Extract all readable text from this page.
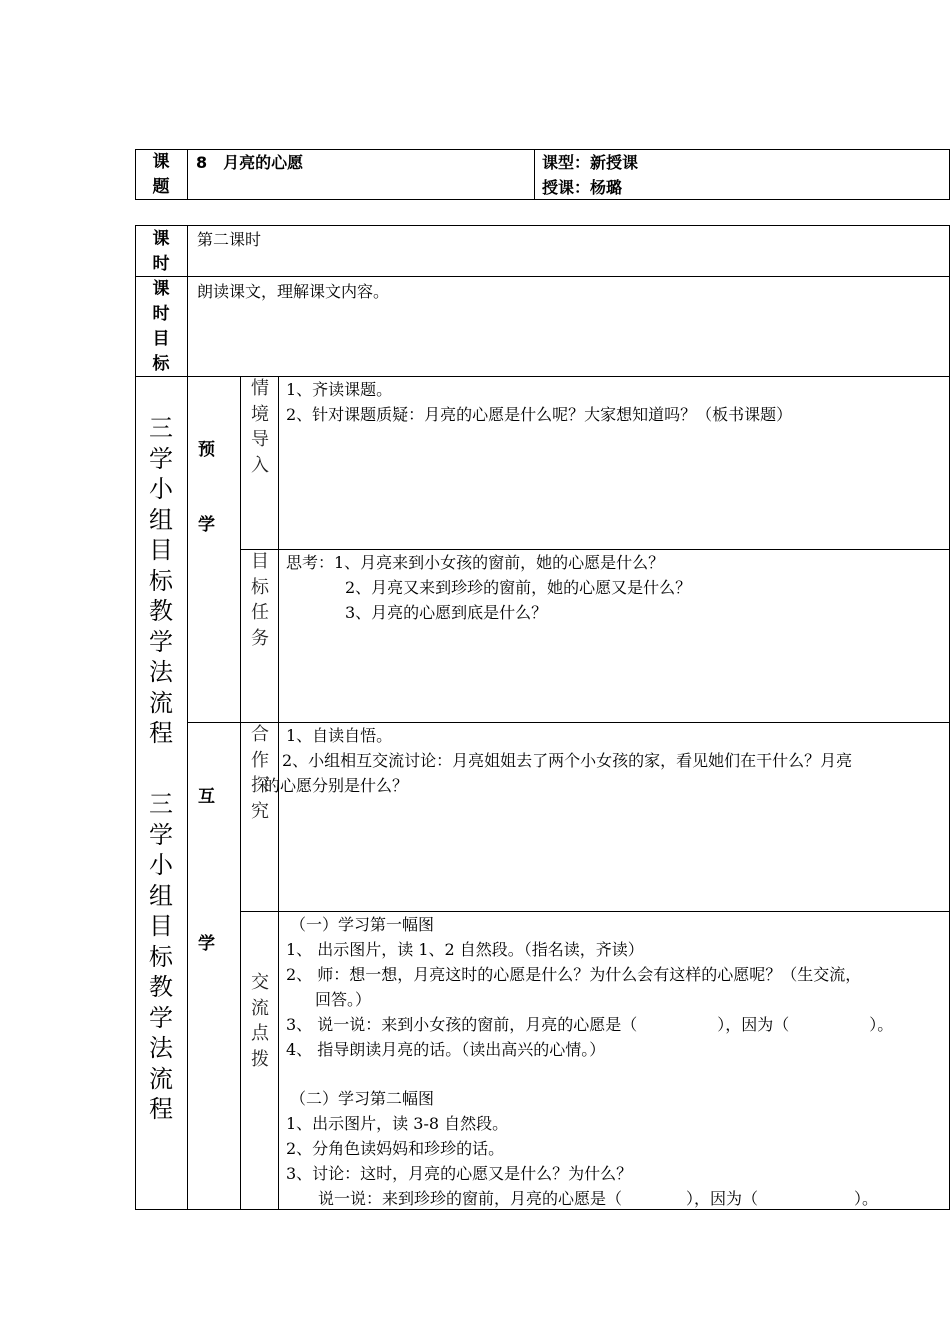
课题
8　月亮的心愿	课型：新授课
授课：杨璐
课时
第二课时
课时目标
朗读课文，理解课文内容。
三学小组目标教学法流程
三学小组目标教学法流程
预
学
互
学
情境导入
目标任务
合作探究
交流点拨
1、齐读课题。
2、针对课题质疑：月亮的心愿是什么呢？大家想知道吗？（板书课题）
思考：1、月亮来到小女孩的窗前，她的心愿是什么？
2、月亮又来到珍珍的窗前，她的心愿又是什么？
3、月亮的心愿到底是什么？
1、自读自悟。
2、小组相互交流讨论：月亮姐姐去了两个小女孩的家，看见她们在干什么？月亮
的心愿分别是什么？
（一）学习第一幅图
1、 出示图片，读 1、2 自然段。（指名读，齐读）
2、 师：想一想，月亮这时的心愿是什么？为什么会有这样的心愿呢？（生交流，
回答。）
3、 说一说：来到小女孩的窗前，月亮的心愿是（　　　　　），因为（　　　　　）。
4、 指导朗读月亮的话。（读出高兴的心情。）
（二）学习第二幅图
1、出示图片，读 3-8 自然段。
2、分角色读妈妈和珍珍的话。
3、讨论：这时，月亮的心愿又是什么？为什么？
说一说：来到珍珍的窗前，月亮的心愿是（　　　　），因为（　　　　　　）。
